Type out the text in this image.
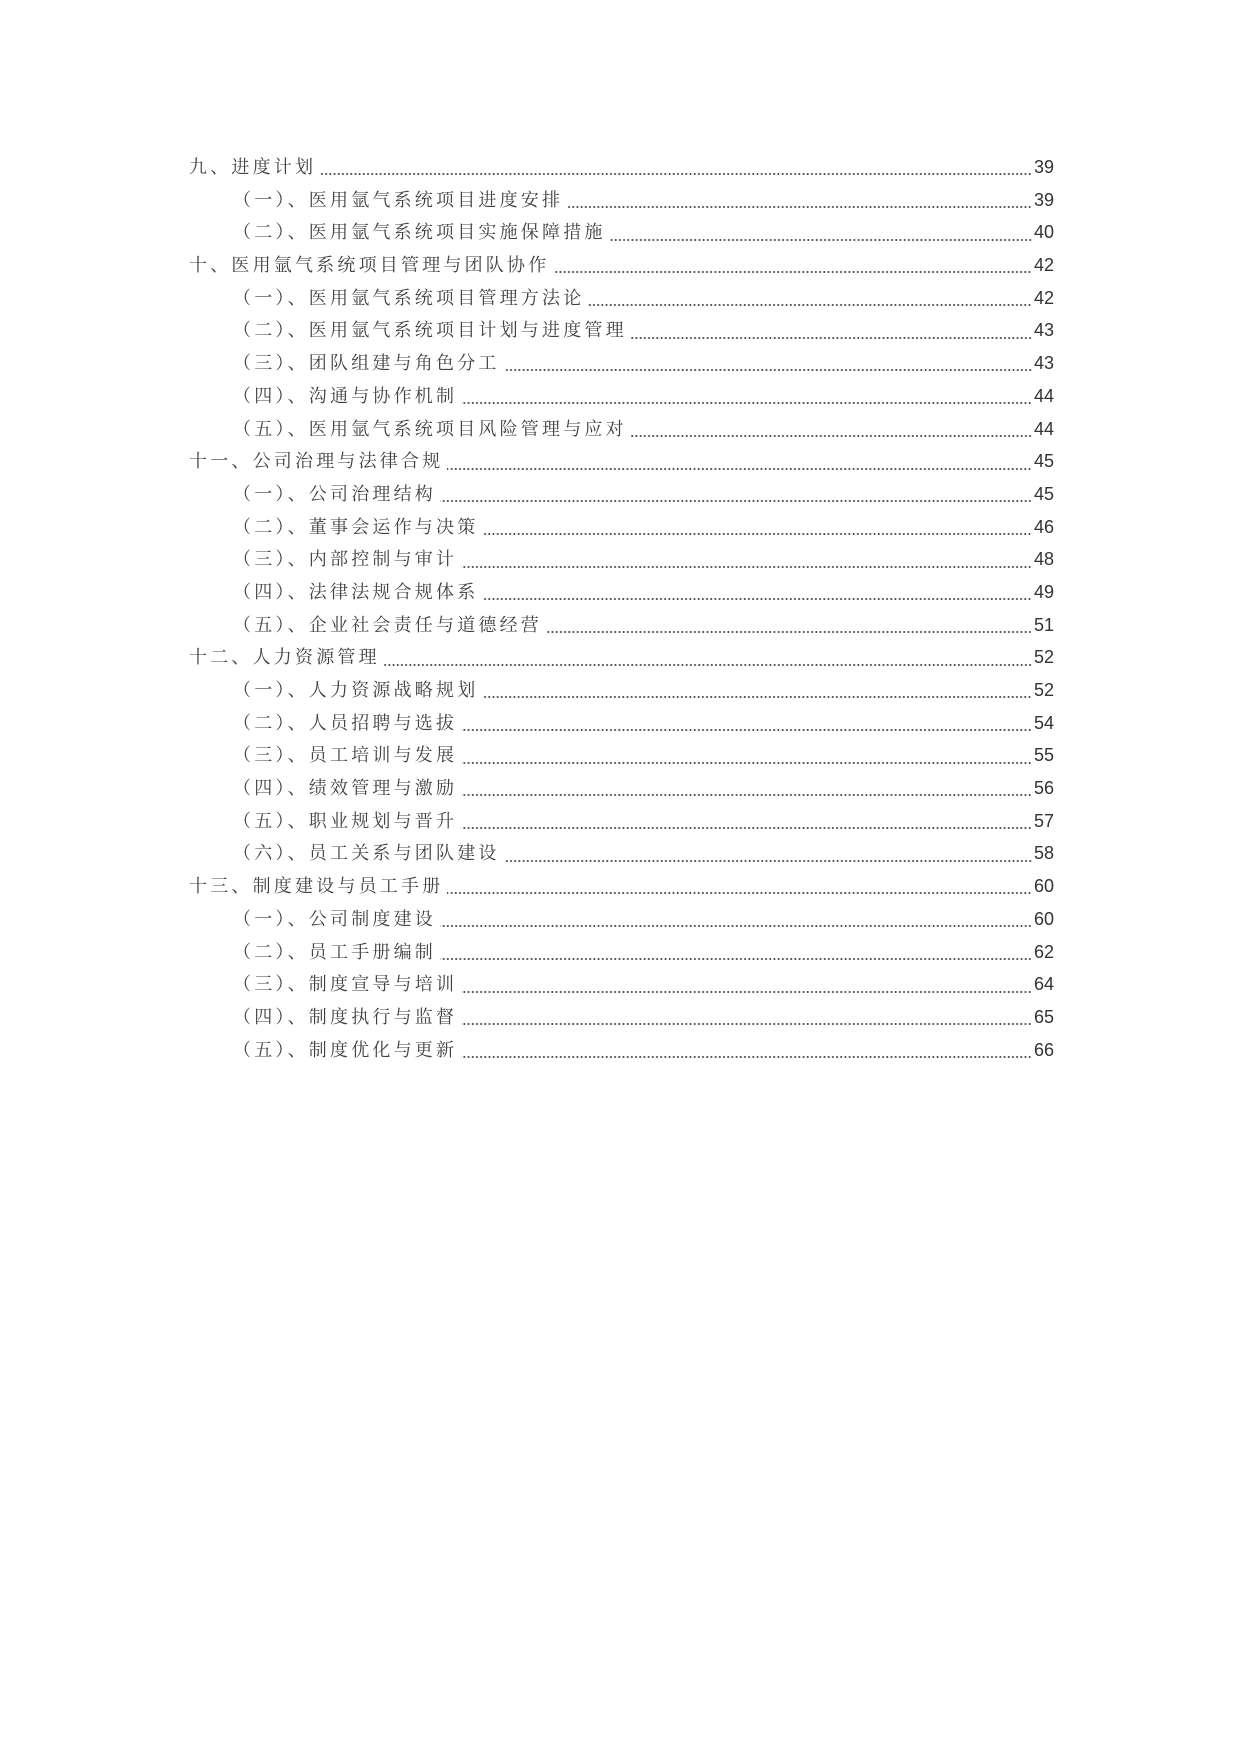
九、进度计划	39
（一）、医用氩气系统项目进度安排	39
（二）、医用氩气系统项目实施保障措施	40
十、医用氩气系统项目管理与团队协作	42
（一）、医用氩气系统项目管理方法论	42
（二）、医用氩气系统项目计划与进度管理	43
（三）、团队组建与角色分工	43
（四）、沟通与协作机制	44
（五）、医用氩气系统项目风险管理与应对	44
十一、公司治理与法律合规	45
（一）、公司治理结构	45
（二）、董事会运作与决策	46
（三）、内部控制与审计	48
（四）、法律法规合规体系	49
（五）、企业社会责任与道德经营	51
十二、人力资源管理	52
（一）、人力资源战略规划	52
（二）、人员招聘与选拔	54
（三）、员工培训与发展	55
（四）、绩效管理与激励	56
（五）、职业规划与晋升	57
（六）、员工关系与团队建设	58
十三、制度建设与员工手册	60
（一）、公司制度建设	60
（二）、员工手册编制	62
（三）、制度宣导与培训	64
（四）、制度执行与监督	65
（五）、制度优化与更新	66
